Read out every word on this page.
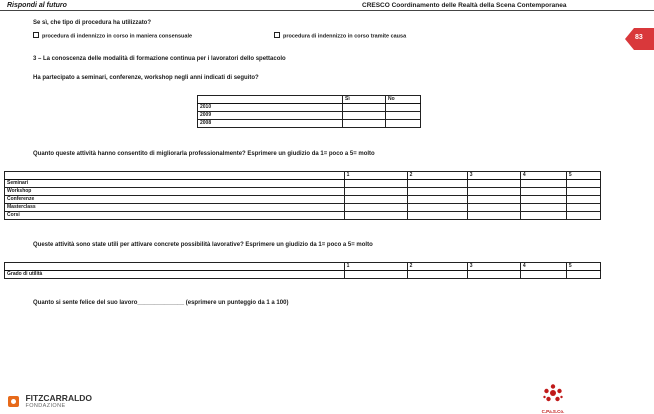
Rispondi al futuro	CRESCO Coordinamento delle Realtà della Scena Contemporanea
83
Se sì, che tipo di procedura ha utilizzato?
procedura di indennizzo in corso in maniera consensuale	procedura di indennizzo in corso tramite causa
3 – La conoscenza delle modalità di formazione continua per i lavoratori dello spettacolo
Ha partecipato a seminari, conferenze, workshop negli anni indicati di seguito?
	Sì	No
2010		
2009		
2008		
Quanto queste attività hanno consentito di migliorarla professionalmente? Esprimere un giudizio da 1= poco a 5= molto
	1	2	3	4	5
Seminari					
Workshop					
Conferenze					
Masterclass					
Corsi					
Queste attività sono state utili per attivare concrete possibilità lavorative? Esprimere un giudizio da 1= poco a 5= molto
	1	2	3	4	5
Grado di utilità					
Quanto si sente felice del suo lavoro______________ (esprimere un punteggio da 1 a 100)

FITZCARRALDO
FONDAZIONE
C.Pa.S.Co.
